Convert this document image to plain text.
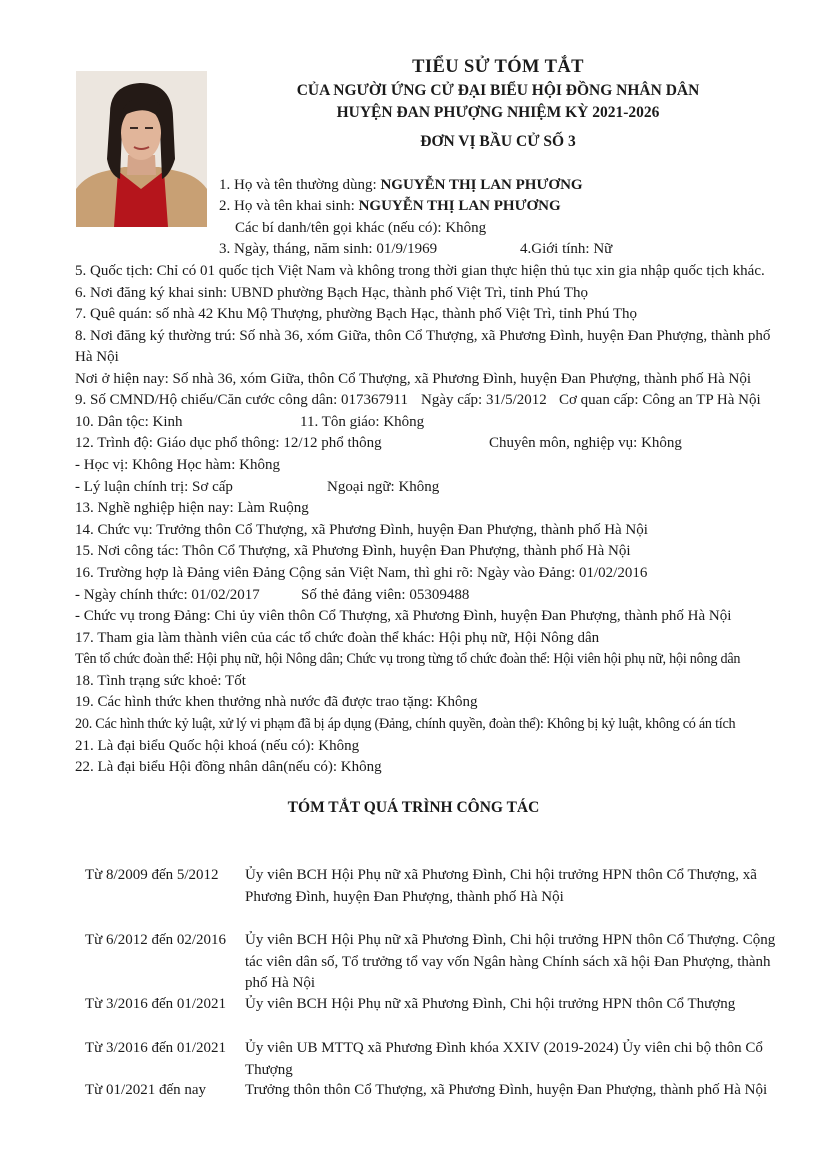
TIỂU SỬ TÓM TẮT
CỦA NGƯỜI ỨNG CỬ ĐẠI BIỂU HỘI ĐỒNG NHÂN DÂN
HUYỆN ĐAN PHƯỢNG NHIỆM KỲ 2021-2026
ĐƠN VỊ BẦU CỬ SỐ 3
1. Họ và tên thường dùng: NGUYỄN THỊ LAN PHƯƠNG
2. Họ và tên khai sinh: NGUYỄN THỊ LAN PHƯƠNG
Các bí danh/tên gọi khác (nếu có): Không
3. Ngày, tháng, năm sinh: 01/9/1969	4.Giới tính: Nữ
5. Quốc tịch: Chỉ có 01 quốc tịch Việt Nam và không trong thời gian thực hiện thủ tục xin gia nhập quốc tịch khác.
6. Nơi đăng ký khai sinh: UBND phường Bạch Hạc, thành phố Việt Trì, tỉnh Phú Thọ
7. Quê quán: số nhà 42 Khu Mộ Thượng, phường Bạch Hạc, thành phố Việt Trì, tỉnh Phú Thọ
8. Nơi đăng ký thường trú: Số nhà 36, xóm Giữa, thôn Cổ Thượng, xã Phương Đình, huyện Đan Phượng, thành phố
Hà Nội
Nơi ở hiện nay: Số nhà 36, xóm Giữa, thôn Cổ Thượng, xã Phương Đình, huyện Đan Phượng, thành phố Hà Nội
9. Số CMND/Hộ chiếu/Căn cước công dân: 017367911 Ngày cấp: 31/5/2012 Cơ quan cấp: Công an TP Hà Nội
10. Dân tộc: Kinh	11. Tôn giáo: Không
12. Trình độ: Giáo dục phổ thông: 12/12 phổ thông	Chuyên môn, nghiệp vụ: Không
- Học vị: Không Học hàm: Không
- Lý luận chính trị: Sơ cấp	Ngoại ngữ: Không
13. Nghề nghiệp hiện nay: Làm Ruộng
14. Chức vụ: Trưởng thôn Cổ Thượng, xã Phương Đình, huyện Đan Phượng, thành phố Hà Nội
15. Nơi công tác: Thôn Cổ Thượng, xã Phương Đình, huyện Đan Phượng, thành phố Hà Nội
16. Trường hợp là Đảng viên Đảng Cộng sản Việt Nam, thì ghi rõ: Ngày vào Đảng: 01/02/2016
- Ngày chính thức: 01/02/2017	Số thẻ đảng viên: 05309488
- Chức vụ trong Đảng: Chi ủy viên thôn Cổ Thượng, xã Phương Đình, huyện Đan Phượng, thành phố Hà Nội
17. Tham gia làm thành viên của các tổ chức đoàn thể khác: Hội phụ nữ, Hội Nông dân
Tên tổ chức đoàn thể: Hội phụ nữ, hội Nông dân; Chức vụ trong từng tổ chức đoàn thể: Hội viên hội phụ nữ, hội nông dân
18. Tình trạng sức khoẻ: Tốt
19. Các hình thức khen thưởng nhà nước đã được trao tặng: Không
20. Các hình thức kỷ luật, xử lý vi phạm đã bị áp dụng (Đảng, chính quyền, đoàn thể): Không bị kỷ luật, không có án tích
21. Là đại biểu Quốc hội khoá (nếu có): Không
22. Là đại biểu Hội đồng nhân dân(nếu có): Không
TÓM TẮT QUÁ TRÌNH CÔNG TÁC
Từ 8/2009 đến 5/2012 Ủy viên BCH Hội Phụ nữ xã Phương Đình, Chi hội trưởng HPN thôn Cổ Thượng, xã Phương Đình, huyện Đan Phượng, thành phố Hà Nội
Từ 6/2012 đến 02/2016 Ủy viên BCH Hội Phụ nữ xã Phương Đình, Chi hội trưởng HPN thôn Cổ Thượng. Cộng tác viên dân số, Tổ trưởng tổ vay vốn Ngân hàng Chính sách xã hội Đan Phượng, thành phố Hà Nội
Từ 3/2016 đến 01/2021 Ủy viên BCH Hội Phụ nữ xã Phương Đình, Chi hội trưởng HPN thôn Cổ Thượng
Từ 3/2016 đến 01/2021 Ủy viên UB MTTQ xã Phương Đình khóa XXIV (2019-2024) Ủy viên chi bộ thôn Cổ Thượng
Từ 01/2021 đến nay	Trưởng thôn thôn Cổ Thượng, xã Phương Đình, huyện Đan Phượng, thành phố Hà Nội
